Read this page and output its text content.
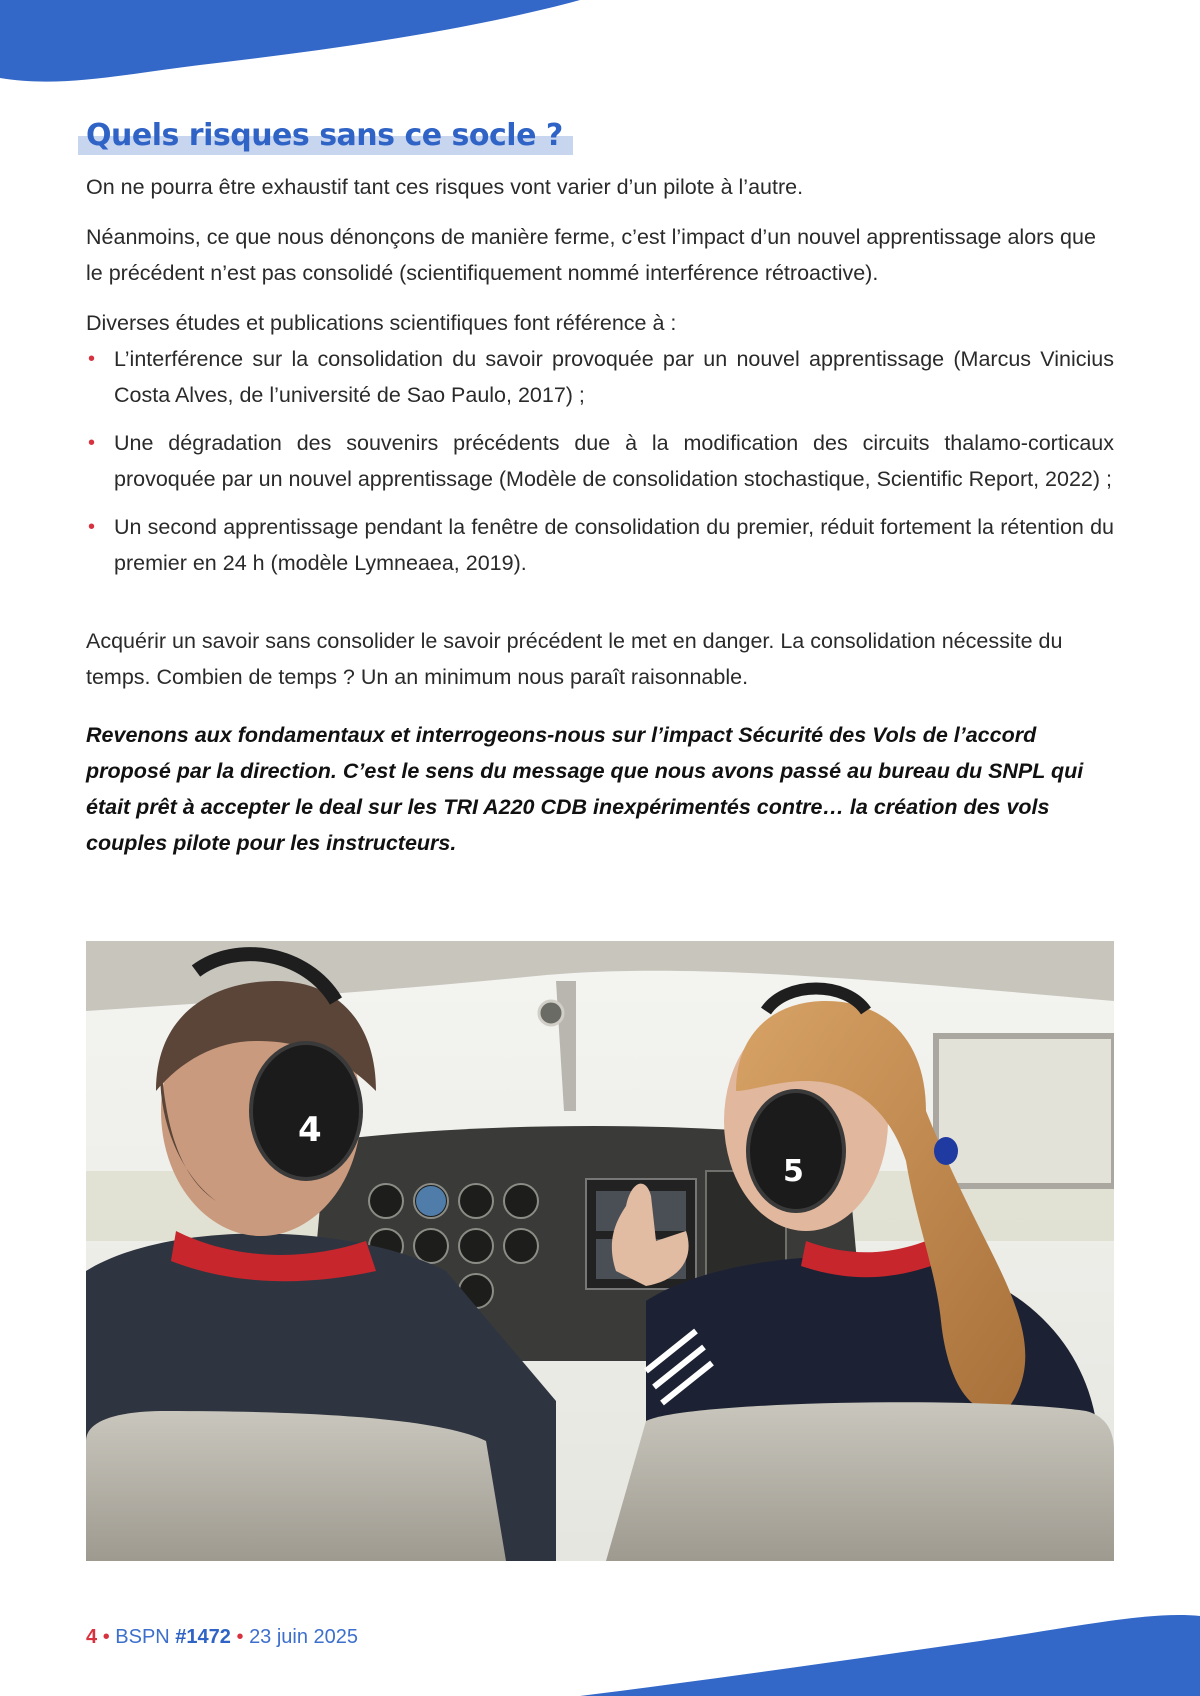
Quels risques sans ce socle ?

On ne pourra être exhaustif tant ces risques vont varier d’un pilote à l’autre.

Néanmoins, ce que nous dénonçons de manière ferme, c’est l’impact d’un nouvel apprentissage alors que le précédent n’est pas consolidé (scientifiquement nommé interférence rétroactive).

Diverses études et publications scientifiques font référence à :

• L’interférence sur la consolidation du savoir provoquée par un nouvel apprentissage (Marcus Vinicius Costa Alves, de l’université de Sao Paulo, 2017) ;
• Une dégradation des souvenirs précédents due à la modification des circuits thalamo-corticaux provoquée par un nouvel apprentissage (Modèle de consolidation stochastique, Scientific Report, 2022) ;
• Un second apprentissage pendant la fenêtre de consolidation du premier, réduit fortement la rétention du premier en 24 h (modèle Lymneaea, 2019).

Acquérir un savoir sans consolider le savoir précédent le met en danger. La consolidation nécessite du temps. Combien de temps ? Un an minimum nous paraît raisonnable.

Revenons aux fondamentaux et interrogeons-nous sur l’impact Sécurité des Vols de l’accord proposé par la direction. C’est le sens du message que nous avons passé au bureau du SNPL qui était prêt à accepter le deal sur les TRI A220 CDB inexpérimentés contre… la création des vols couples pilote pour les instructeurs.

4
5
4 • BSPN #1472 • 23 juin 2025
